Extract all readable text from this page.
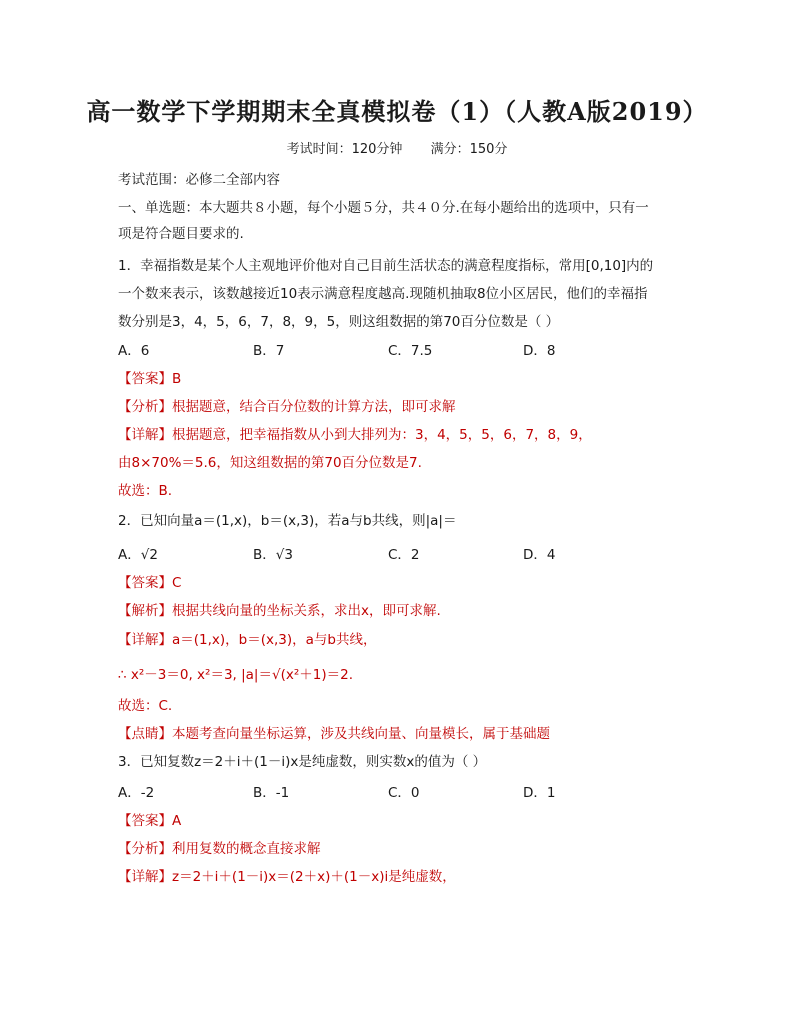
高一数学下学期期末全真模拟卷（1）（人教A版2019）
考试时间：120分钟 满分：150分
考试范围：必修二全部内容
一、单选题：本大题共８小题，每个小题５分，共４０分.在每小题给出的选项中，只有一
项是符合题目要求的.
1．幸福指数是某个人主观地评价他对自己目前生活状态的满意程度指标，常用[0,10]内的
一个数来表示，该数越接近10表示满意程度越高.现随机抽取8位小区居民，他们的幸福指
数分别是3，4，5，6，7，8，9，5，则这组数据的第70百分位数是（ ）
A．6	B．7	C．7.5	D．8
【答案】B
【分析】根据题意，结合百分位数的计算方法，即可求解
【详解】根据题意，把幸福指数从小到大排列为：3，4，5，5，6，7，8，9，
由8×70%＝5.6，知这组数据的第70百分位数是7.
故选：B.
2．已知向量a＝(1,x)，b＝(x,3)，若a与b共线，则|a|＝
A．√2	B．√3	C．2	D．4
【答案】C
【解析】根据共线向量的坐标关系，求出x，即可求解.
【详解】a＝(1,x)，b＝(x,3)，a与b共线，
∴ x²－3＝0, x²＝3, |a|＝√(x²＋1)＝2.
故选：C.
【点睛】本题考查向量坐标运算，涉及共线向量、向量模长，属于基础题
3．已知复数z＝2＋i＋(1－i)x是纯虚数，则实数x的值为（ ）
A．-2	B．-1	C．0	D．1
【答案】A
【分析】利用复数的概念直接求解
【详解】z＝2＋i＋(1－i)x＝(2＋x)＋(1－x)i是纯虚数，
